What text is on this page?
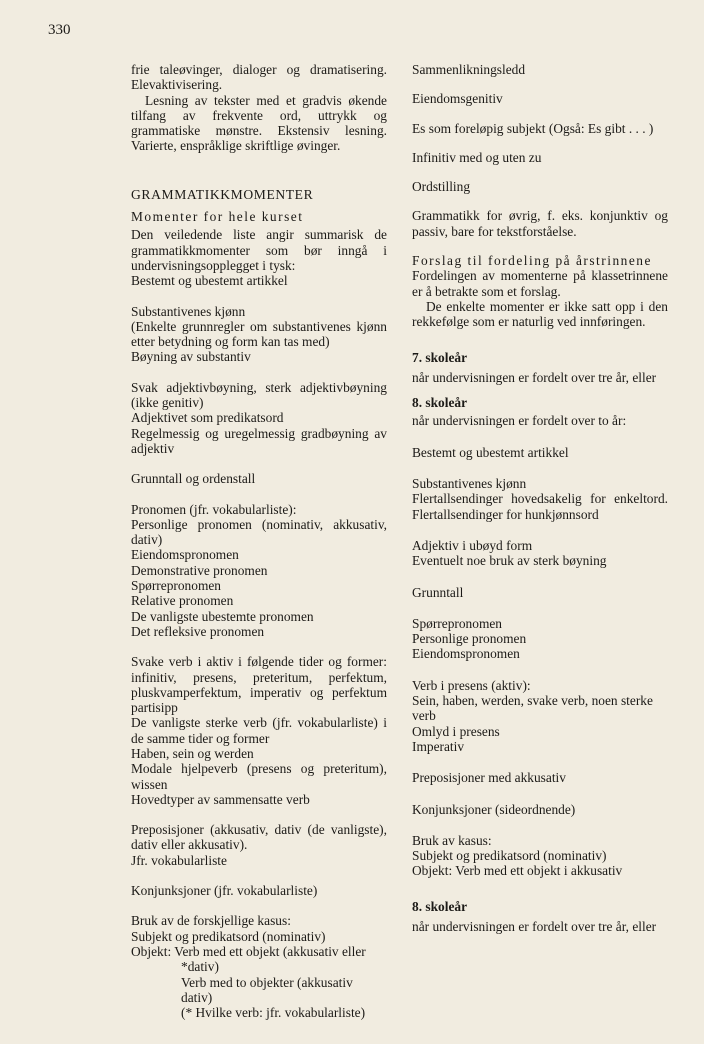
330

frie taleøvinger, dialoger og dramatisering. Elevaktivisering.

Lesning av tekster med et gradvis økende tilfang av frekvente ord, uttrykk og grammatiske mønstre. Ekstensiv lesning. Varierte, enspråklige skriftlige øvinger.

GRAMMATIKKMOMENTER

Momenter for hele kurset

Den veiledende liste angir summarisk de grammatikkmomenter som bør inngå i undervisningsopplegget i tysk:

Bestemt og ubestemt artikkel

Substantivenes kjønn

(Enkelte grunnregler om substantivenes kjønn etter betydning og form kan tas med)

Bøyning av substantiv

Svak adjektivbøyning, sterk adjektivbøyning (ikke genitiv)

Adjektivet som predikatsord

Regelmessig og uregelmessig gradbøyning av adjektiv

Grunntall og ordenstall

Pronomen (jfr. vokabularliste):

Personlige pronomen (nominativ, akkusativ, dativ)

Eiendomspronomen

Demonstrative pronomen

Spørrepronomen

Relative pronomen

De vanligste ubestemte pronomen

Det refleksive pronomen

Svake verb i aktiv i følgende tider og former: infinitiv, presens, preteritum, perfektum, pluskvamperfektum, imperativ og perfektum partisipp

De vanligste sterke verb (jfr. vokabularliste) i de samme tider og former

Haben, sein og werden

Modale hjelpeverb (presens og preteritum), wissen

Hovedtyper av sammensatte verb

Preposisjoner (akkusativ, dativ (de vanligste), dativ eller akkusativ).

Jfr. vokabularliste

Konjunksjoner (jfr. vokabularliste)

Bruk av de forskjellige kasus:

Subjekt og predikatsord (nominativ)

Objekt: Verb med ett objekt (akkusativ eller *dativ)

Verb med to objekter (akkusativ dativ)

(* Hvilke verb: jfr. vokabularliste)

Sammenlikningsledd

Eiendomsgenitiv

Es som foreløpig subjekt (Også: Es gibt . . . )

Infinitiv med og uten zu

Ordstilling

Grammatikk for øvrig, f. eks. konjunktiv og passiv, bare for tekstforståelse.

Forslag til fordeling på årstrinnene

Fordelingen av momenterne på klassetrinnene er å betrakte som et forslag.

De enkelte momenter er ikke satt opp i den rekkefølge som er naturlig ved innføringen.

7. skoleår

når undervisningen er fordelt over tre år, eller

8. skoleår

når undervisningen er fordelt over to år:

Bestemt og ubestemt artikkel

Substantivenes kjønn

Flertallsendinger hovedsakelig for enkeltord. Flertallsendinger for hunkjønnsord

Adjektiv i ubøyd form

Eventuelt noe bruk av sterk bøyning

Grunntall

Spørrepronomen

Personlige pronomen

Eiendomspronomen

Verb i presens (aktiv):

Sein, haben, werden, svake verb, noen sterke verb

Omlyd i presens

Imperativ

Preposisjoner med akkusativ

Konjunksjoner (sideordnende)

Bruk av kasus:

Subjekt og predikatsord (nominativ)

Objekt: Verb med ett objekt i akkusativ

8. skoleår

når undervisningen er fordelt over tre år, eller
